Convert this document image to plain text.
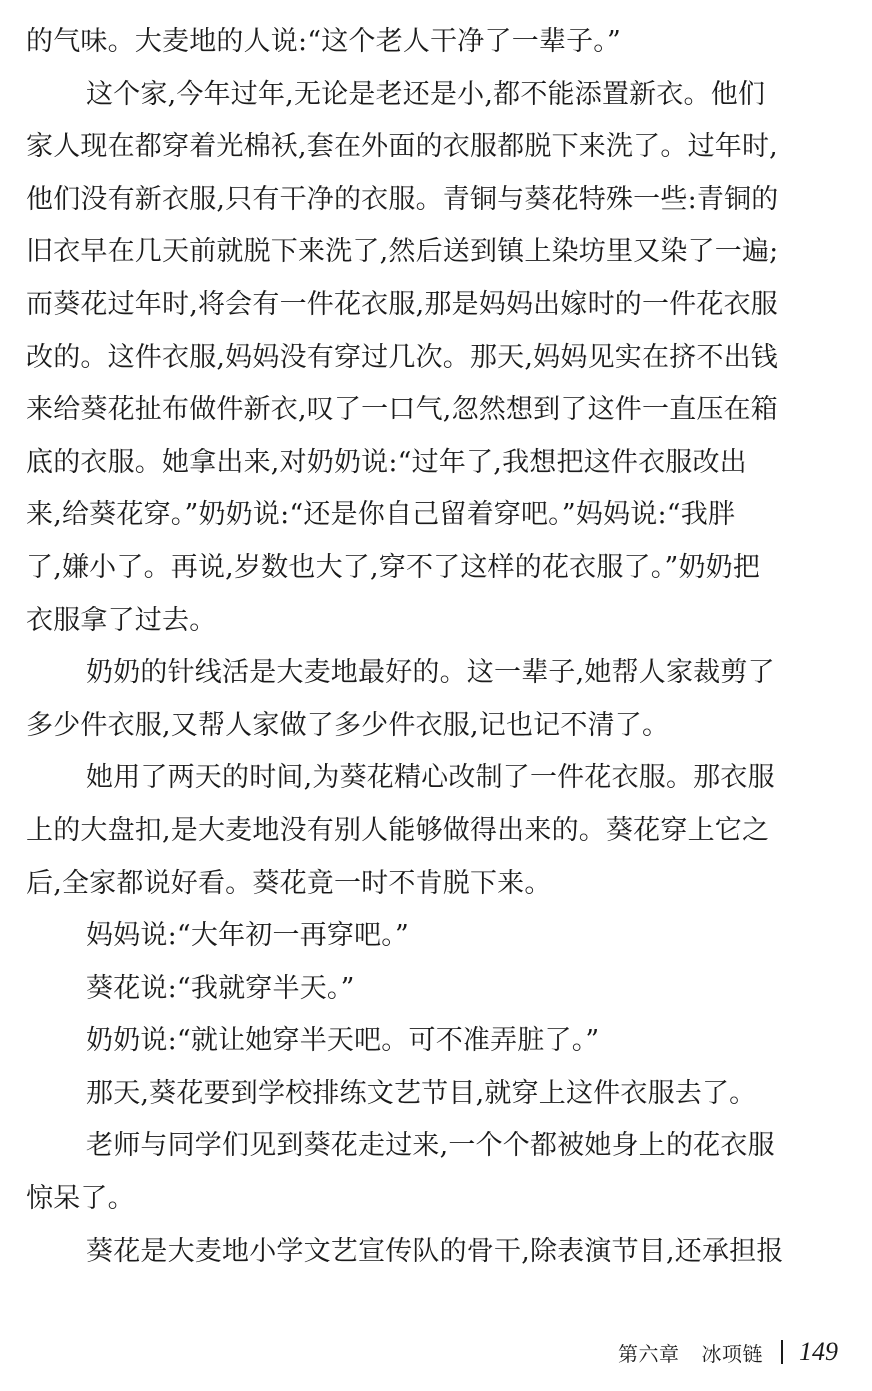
的气味。大麦地的人说:“这个老人干净了一辈子。”
这个家,今年过年,无论是老还是小,都不能添置新衣。他们
家人现在都穿着光棉袄,套在外面的衣服都脱下来洗了。过年时,
他们没有新衣服,只有干净的衣服。青铜与葵花特殊一些:青铜的
旧衣早在几天前就脱下来洗了,然后送到镇上染坊里又染了一遍;
而葵花过年时,将会有一件花衣服,那是妈妈出嫁时的一件花衣服
改的。这件衣服,妈妈没有穿过几次。那天,妈妈见实在挤不出钱
来给葵花扯布做件新衣,叹了一口气,忽然想到了这件一直压在箱
底的衣服。她拿出来,对奶奶说:“过年了,我想把这件衣服改出
来,给葵花穿。”奶奶说:“还是你自己留着穿吧。”妈妈说:“我胖
了,嫌小了。再说,岁数也大了,穿不了这样的花衣服了。”奶奶把
衣服拿了过去。
奶奶的针线活是大麦地最好的。这一辈子,她帮人家裁剪了
多少件衣服,又帮人家做了多少件衣服,记也记不清了。
她用了两天的时间,为葵花精心改制了一件花衣服。那衣服
上的大盘扣,是大麦地没有别人能够做得出来的。葵花穿上它之
后,全家都说好看。葵花竟一时不肯脱下来。
妈妈说:“大年初一再穿吧。”
葵花说:“我就穿半天。”
奶奶说:“就让她穿半天吧。可不准弄脏了。”
那天,葵花要到学校排练文艺节目,就穿上这件衣服去了。
老师与同学们见到葵花走过来,一个个都被她身上的花衣服
惊呆了。
葵花是大麦地小学文艺宣传队的骨干,除表演节目,还承担报
第六章 冰项链 149
